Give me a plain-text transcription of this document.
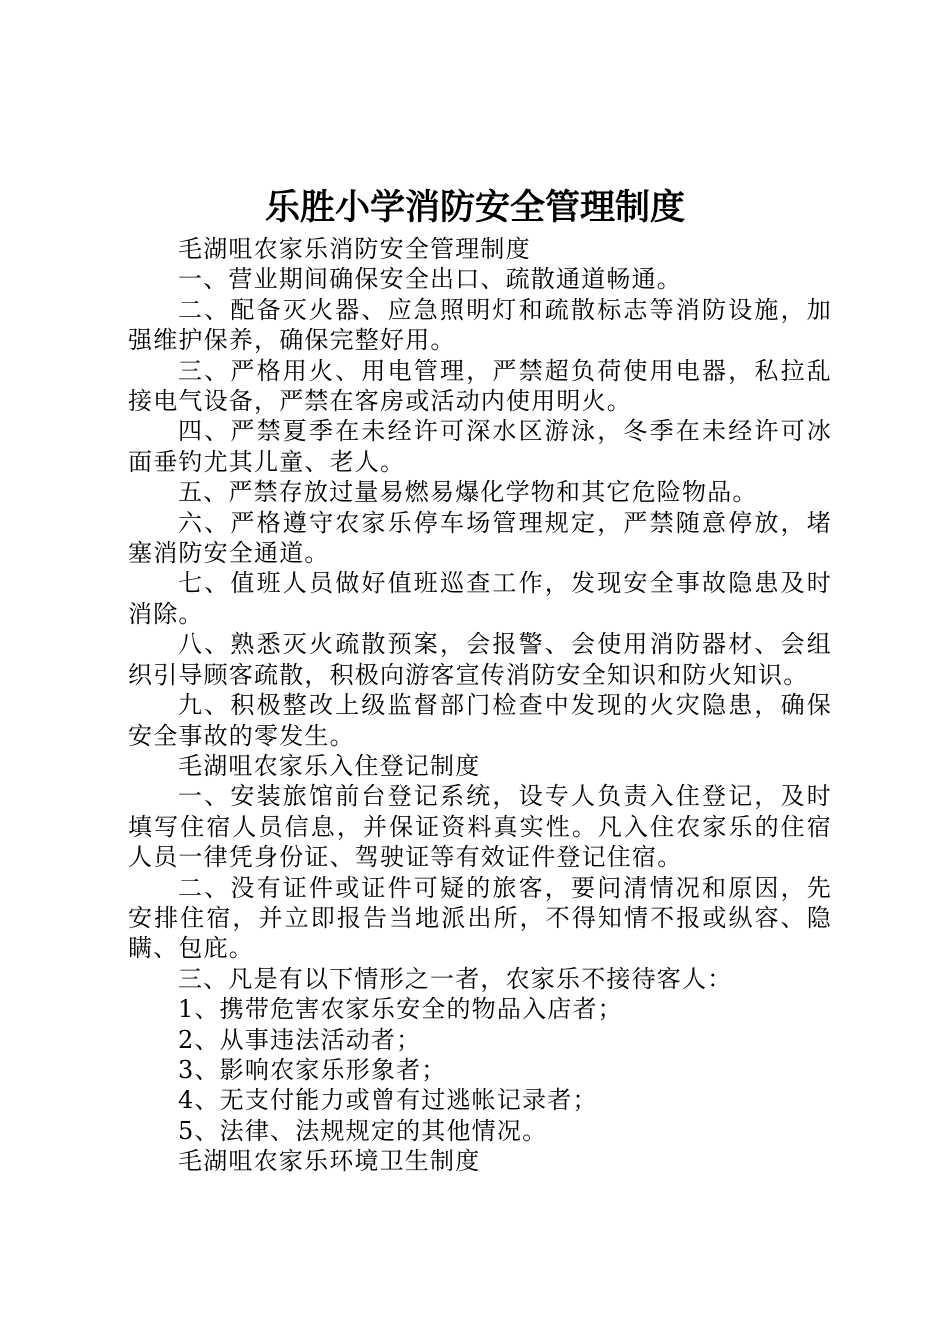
乐胜小学消防安全管理制度

毛湖咀农家乐消防安全管理制度

一、营业期间确保安全出口、疏散通道畅通。

二、配备灭火器、应急照明灯和疏散标志等消防设施，加强维护保养，确保完整好用。

三、严格用火、用电管理，严禁超负荷使用电器，私拉乱接电气设备，严禁在客房或活动内使用明火。

四、严禁夏季在未经许可深水区游泳，冬季在未经许可冰面垂钓尤其儿童、老人。

五、严禁存放过量易燃易爆化学物和其它危险物品。

六、严格遵守农家乐停车场管理规定，严禁随意停放，堵塞消防安全通道。

七、值班人员做好值班巡查工作，发现安全事故隐患及时消除。

八、熟悉灭火疏散预案，会报警、会使用消防器材、会组织引导顾客疏散，积极向游客宣传消防安全知识和防火知识。

九、积极整改上级监督部门检查中发现的火灾隐患，确保安全事故的零发生。

毛湖咀农家乐入住登记制度

一、安装旅馆前台登记系统，设专人负责入住登记，及时填写住宿人员信息，并保证资料真实性。凡入住农家乐的住宿人员一律凭身份证、驾驶证等有效证件登记住宿。

二、没有证件或证件可疑的旅客，要问清情况和原因，先安排住宿，并立即报告当地派出所，不得知情不报或纵容、隐瞒、包庇。

三、凡是有以下情形之一者，农家乐不接待客人：

1、携带危害农家乐安全的物品入店者；

2、从事违法活动者；

3、影响农家乐形象者；

4、无支付能力或曾有过逃帐记录者；

5、法律、法规规定的其他情况。

毛湖咀农家乐环境卫生制度
